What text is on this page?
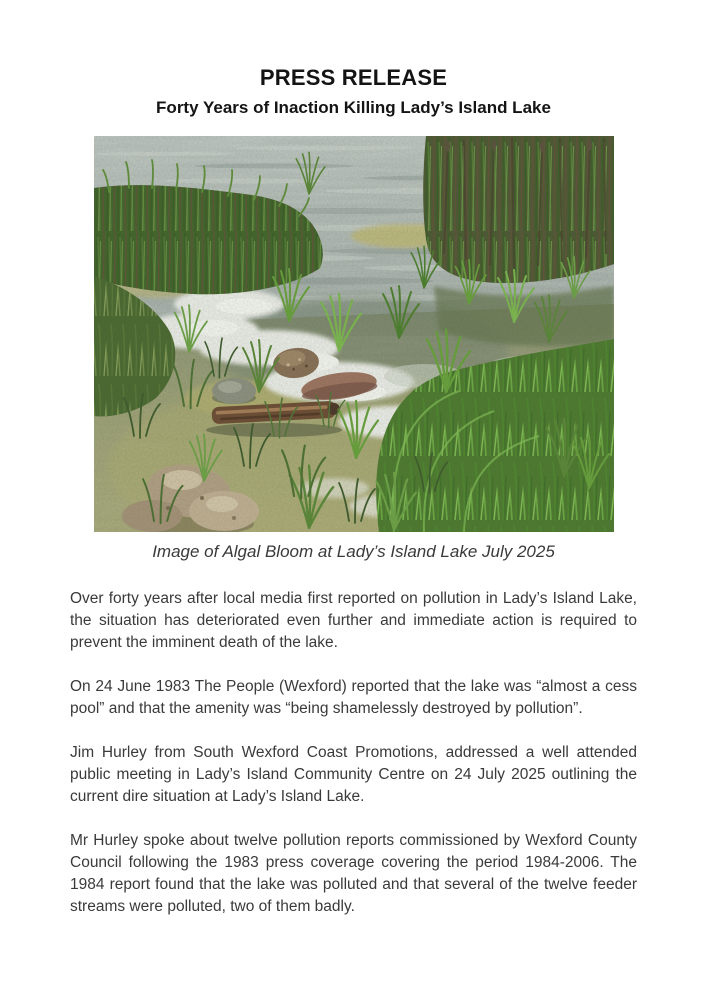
PRESS RELEASE
Forty Years of Inaction Killing Lady’s Island Lake
Image of Algal Bloom at Lady’s Island Lake July 2025

Over forty years after local media first reported on pollution in Lady’s Island Lake, the situation has deteriorated even further and immediate action is required to prevent the imminent death of the lake.

On 24 June 1983 The People (Wexford) reported that the lake was “almost a cess pool” and that the amenity was “being shamelessly destroyed by pollution”.

Jim Hurley from South Wexford Coast Promotions, addressed a well attended public meeting in Lady’s Island Community Centre on 24 July 2025 outlining the current dire situation at Lady’s Island Lake.

Mr Hurley spoke about twelve pollution reports commissioned by Wexford County Council following the 1983 press coverage covering the period 1984-2006. The 1984 report found that the lake was polluted and that several of the twelve feeder streams were polluted, two of them badly.
